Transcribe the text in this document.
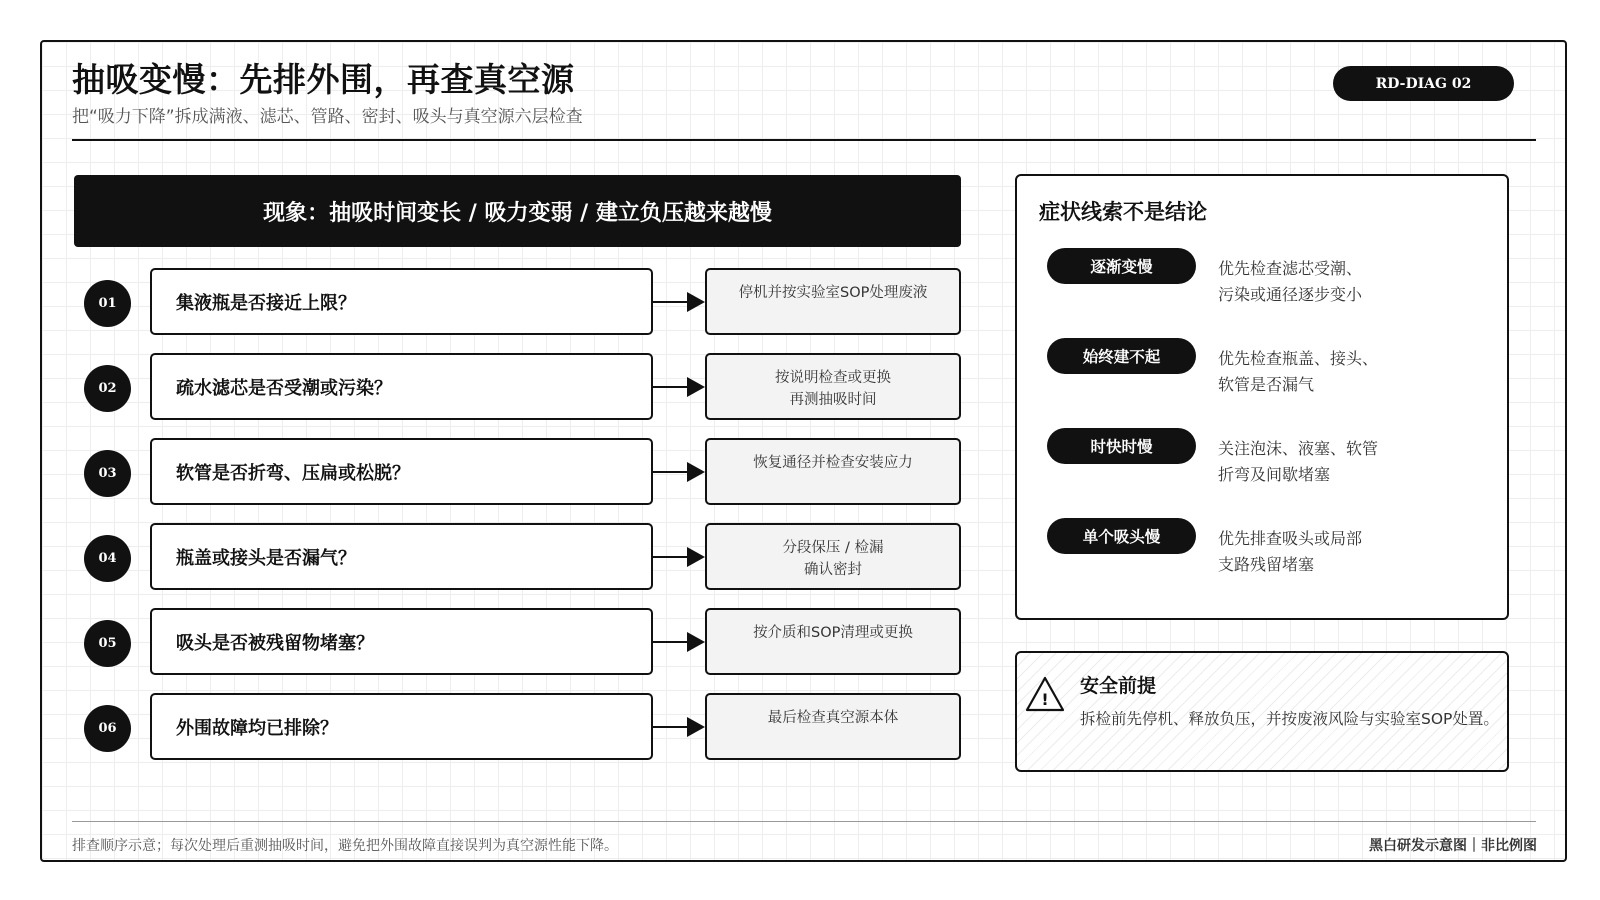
抽吸变慢：先排外围，再查真空源
把“吸力下降”拆成满液、滤芯、管路、密封、吸头与真空源六层检查
RD-DIAG 02
现象：抽吸时间变长 / 吸力变弱 / 建立负压越来越慢
01	集液瓶是否接近上限？	停机并按实验室SOP处理废液
02	疏水滤芯是否受潮或污染？	按说明检查或更换
再测抽吸时间
03	软管是否折弯、压扁或松脱？	恢复通径并检查安装应力
04	瓶盖或接头是否漏气？	分段保压 / 检漏
确认密封
05	吸头是否被残留物堵塞？	按介质和SOP清理或更换
06	外围故障均已排除？	最后检查真空源本体
症状线索不是结论
逐渐变慢	优先检查滤芯受潮、
污染或通径逐步变小
始终建不起	优先检查瓶盖、接头、
软管是否漏气
时快时慢	关注泡沫、液塞、软管
折弯及间歇堵塞
单个吸头慢	优先排查吸头或局部
支路残留堵塞
!
安全前提
拆检前先停机、释放负压，并按废液风险与实验室SOP处置。
排查顺序示意；每次处理后重测抽吸时间，避免把外围故障直接误判为真空源性能下降。	黑白研发示意图｜非比例图
